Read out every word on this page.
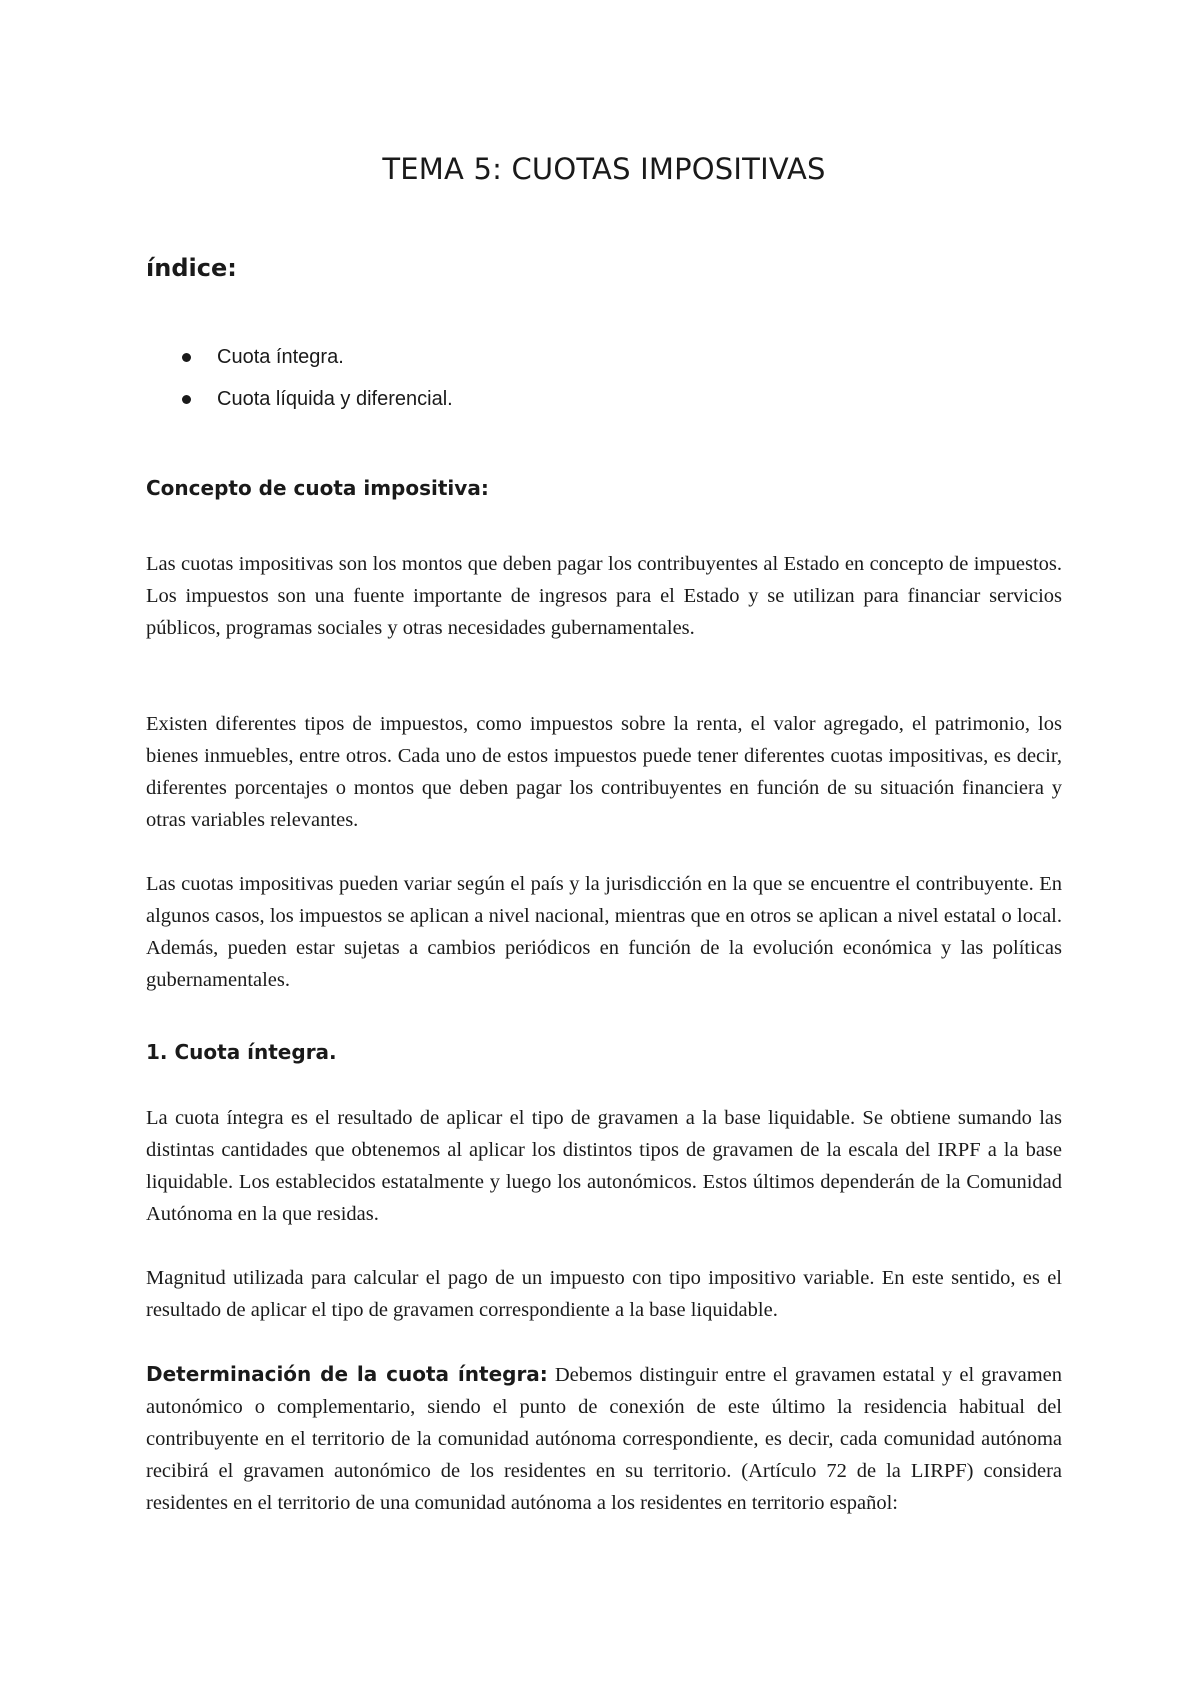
TEMA 5: CUOTAS IMPOSITIVAS
índice:
Cuota íntegra.
Cuota líquida y diferencial.
Concepto de cuota impositiva:

Las cuotas impositivas son los montos que deben pagar los contribuyentes al Estado en concepto de impuestos. Los impuestos son una fuente importante de ingresos para el Estado y se utilizan para financiar servicios públicos, programas sociales y otras necesidades gubernamentales.

Existen diferentes tipos de impuestos, como impuestos sobre la renta, el valor agregado, el patrimonio, los bienes inmuebles, entre otros. Cada uno de estos impuestos puede tener diferentes cuotas impositivas, es decir, diferentes porcentajes o montos que deben pagar los contribuyentes en función de su situación financiera y otras variables relevantes.

Las cuotas impositivas pueden variar según el país y la jurisdicción en la que se encuentre el contribuyente. En algunos casos, los impuestos se aplican a nivel nacional, mientras que en otros se aplican a nivel estatal o local. Además, pueden estar sujetas a cambios periódicos en función de la evolución económica y las políticas gubernamentales.

1. Cuota íntegra.

La cuota íntegra es el resultado de aplicar el tipo de gravamen a la base liquidable. Se obtiene sumando las distintas cantidades que obtenemos al aplicar los distintos tipos de gravamen de la escala del IRPF a la base liquidable. Los establecidos estatalmente y luego los autonómicos. Estos últimos dependerán de la Comunidad Autónoma en la que residas.

Magnitud utilizada para calcular el pago de un impuesto con tipo impositivo variable. En este sentido, es el resultado de aplicar el tipo de gravamen correspondiente a la base liquidable.

Determinación de la cuota íntegra: Debemos distinguir entre el gravamen estatal y el gravamen autonómico o complementario, siendo el punto de conexión de este último la residencia habitual del contribuyente en el territorio de la comunidad autónoma correspondiente, es decir, cada comunidad autónoma recibirá el gravamen autonómico de los residentes en su territorio. (Artículo 72 de la LIRPF) considera residentes en el territorio de una comunidad autónoma a los residentes en territorio español:
